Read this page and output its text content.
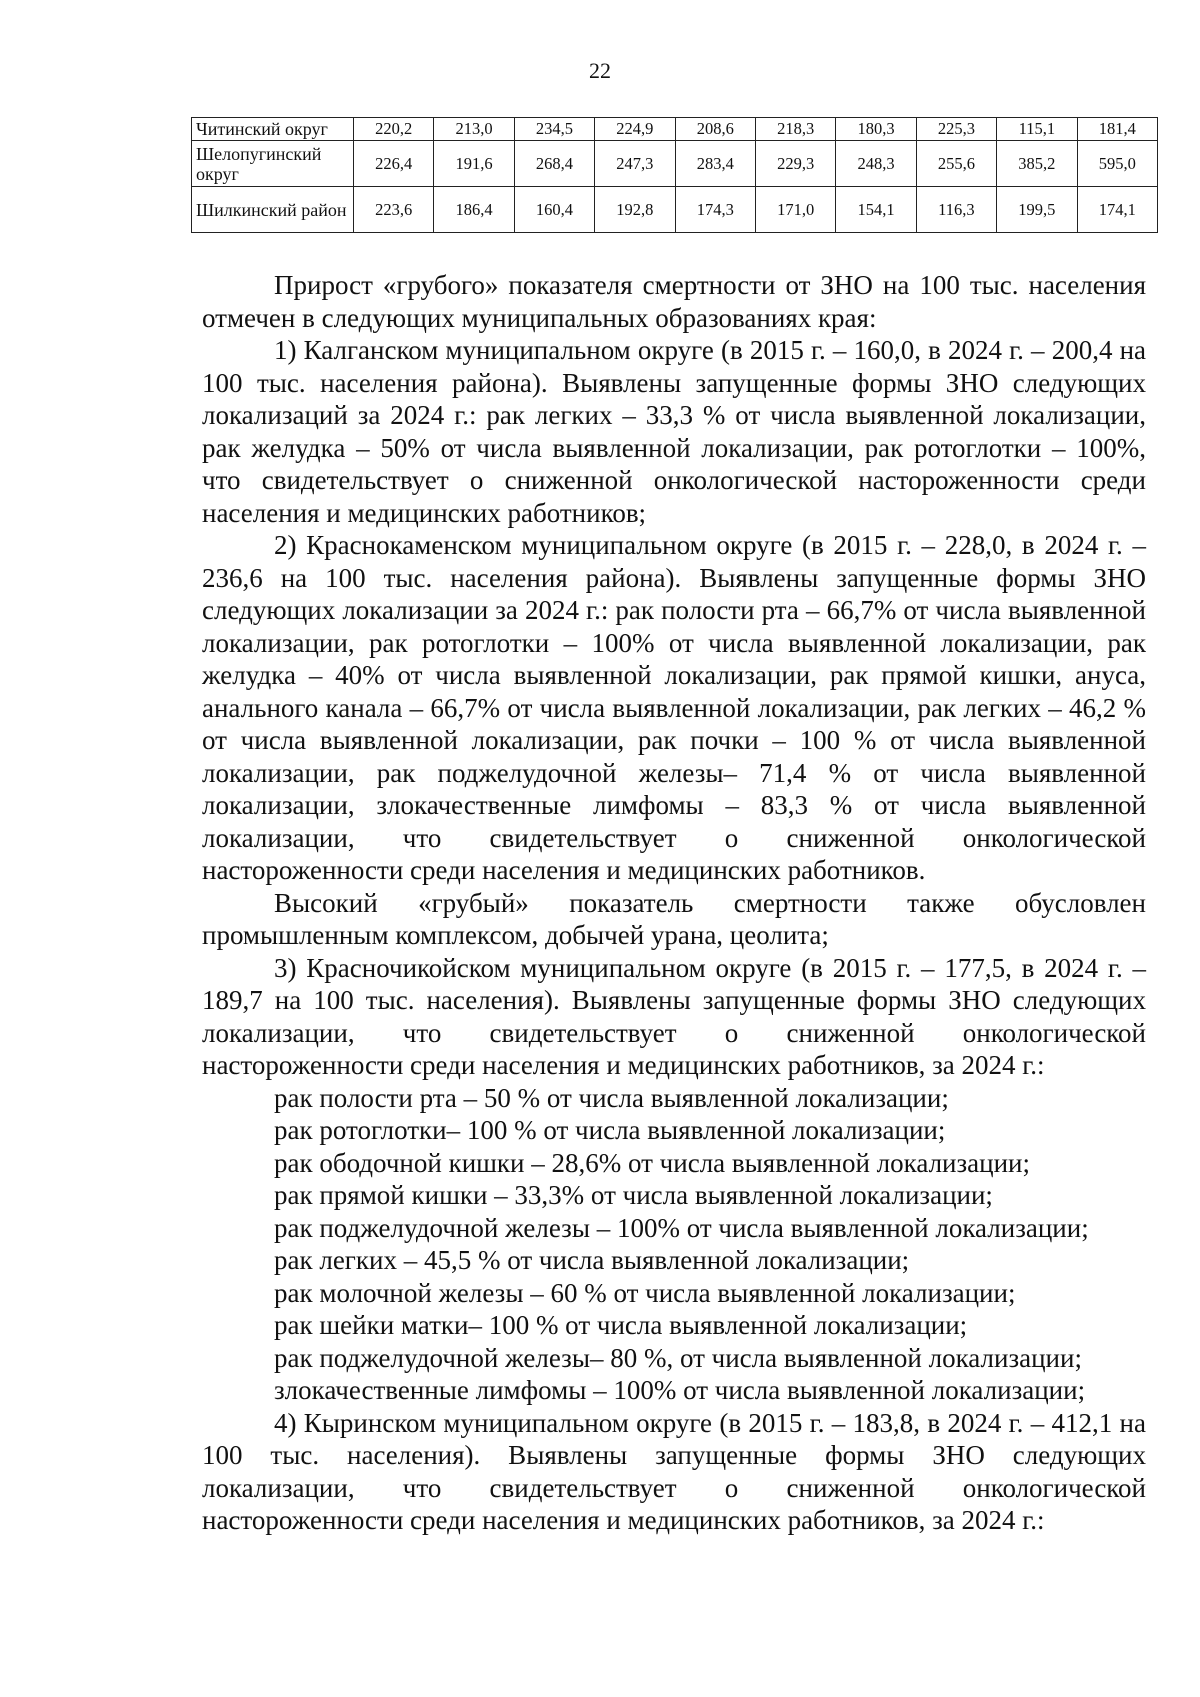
22
Читинский округ	220,2	213,0	234,5	224,9	208,6	218,3	180,3	225,3	115,1	181,4
Шелопугинский округ	226,4	191,6	268,4	247,3	283,4	229,3	248,3	255,6	385,2	595,0
Шилкинский район	223,6	186,4	160,4	192,8	174,3	171,0	154,1	116,3	199,5	174,1

Прирост «грубого» показателя смертности от ЗНО на 100 тыс. населения отмечен в следующих муниципальных образованиях края:

1) Калганском муниципальном округе (в 2015 г. – 160,0, в 2024 г. – 200,4 на 100 тыс. населения района). Выявлены запущенные формы ЗНО следующих локализаций за 2024 г.: рак легких – 33,3 % от числа выявленной локализации, рак желудка – 50% от числа выявленной локализации, рак ротоглотки – 100%, что свидетельствует о сниженной онкологической настороженности среди населения и медицинских работников;

2) Краснокаменском муниципальном округе (в 2015 г. – 228,0, в 2024 г. – 236,6 на 100 тыс. населения района). Выявлены запущенные формы ЗНО следующих локализации за 2024 г.: рак полости рта – 66,7% от числа выявленной локализации, рак ротоглотки – 100% от числа выявленной локализации, рак желудка – 40% от числа выявленной локализации, рак прямой кишки, ануса, анального канала – 66,7% от числа выявленной локализации, рак легких – 46,2 % от числа выявленной локализации, рак почки – 100 % от числа выявленной локализации, рак поджелудочной железы– 71,4 % от числа выявленной локализации, злокачественные лимфомы – 83,3 % от числа выявленной локализации, что свидетельствует о сниженной онкологической настороженности среди населения и медицинских работников.

Высокий «грубый» показатель смертности также обусловлен промышленным комплексом, добычей урана, цеолита;

3) Красночикойском муниципальном округе (в 2015 г. – 177,5, в 2024 г. – 189,7 на 100 тыс. населения). Выявлены запущенные формы ЗНО следующих локализации, что свидетельствует о сниженной онкологической настороженности среди населения и медицинских работников, за 2024 г.:

рак полости рта – 50 % от числа выявленной локализации;

рак ротоглотки– 100 % от числа выявленной локализации;

рак ободочной кишки – 28,6% от числа выявленной локализации;

рак прямой кишки – 33,3% от числа выявленной локализации;

рак поджелудочной железы – 100% от числа выявленной локализации;

рак легких – 45,5 % от числа выявленной локализации;

рак молочной железы – 60 % от числа выявленной локализации;

рак шейки матки– 100 % от числа выявленной локализации;

рак поджелудочной железы– 80 %, от числа выявленной локализации;

злокачественные лимфомы – 100% от числа выявленной локализации;

4) Кыринском муниципальном округе (в 2015 г. – 183,8, в 2024 г. – 412,1 на 100 тыс. населения). Выявлены запущенные формы ЗНО следующих локализации, что свидетельствует о сниженной онкологической настороженности среди населения и медицинских работников, за 2024 г.:
